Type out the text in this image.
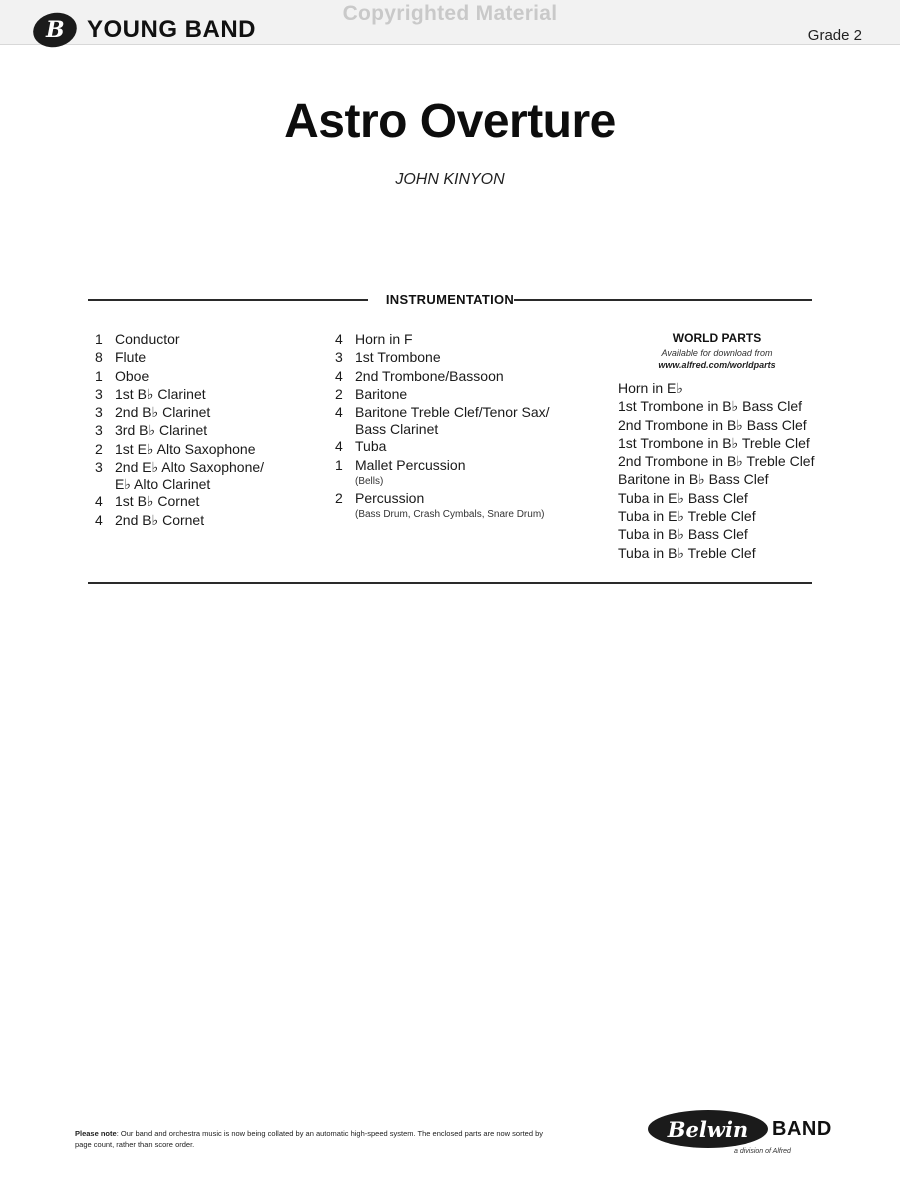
B YOUNG BAND
Copyrighted Material
Grade 2
Astro Overture
JOHN KINYON
INSTRUMENTATION
1 Conductor
8 Flute
1 Oboe
3 1st B♭ Clarinet
3 2nd B♭ Clarinet
3 3rd B♭ Clarinet
2 1st E♭ Alto Saxophone
3 2nd E♭ Alto Saxophone/
E♭ Alto Clarinet
4 1st B♭ Cornet
4 2nd B♭ Cornet
4 Horn in F
3 1st Trombone
4 2nd Trombone/Bassoon
2 Baritone
4 Baritone Treble Clef/Tenor Sax/
Bass Clarinet
4 Tuba
1 Mallet Percussion
(Bells)
2 Percussion
(Bass Drum, Crash Cymbals, Snare Drum)
WORLD PARTS
Available for download from
www.alfred.com/worldparts
Horn in E♭
1st Trombone in B♭ Bass Clef
2nd Trombone in B♭ Bass Clef
1st Trombone in B♭ Treble Clef
2nd Trombone in B♭ Treble Clef
Baritone in B♭ Bass Clef
Tuba in E♭ Bass Clef
Tuba in E♭ Treble Clef
Tuba in B♭ Bass Clef
Tuba in B♭ Treble Clef
Please note: Our band and orchestra music is now being collated by an automatic high-speed system. The enclosed parts are now sorted by page count, rather than score order.
Belwin
a division of Alfred
BAND
